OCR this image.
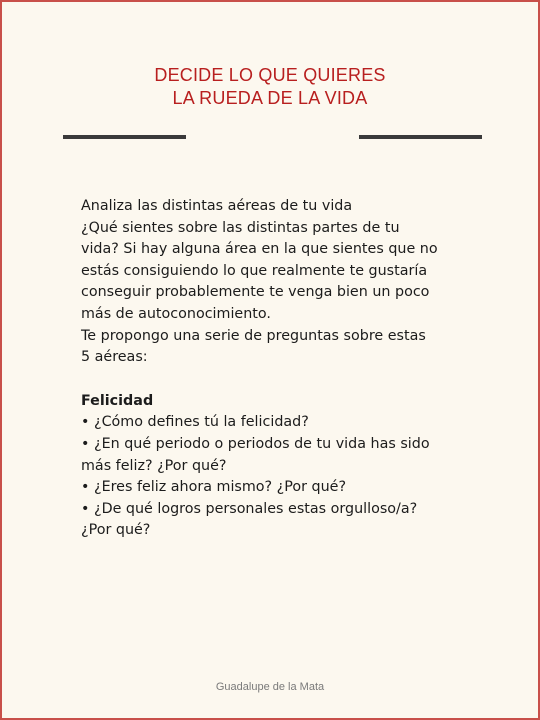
DECIDE LO QUE QUIERES
LA RUEDA DE LA VIDA

Analiza las distintas aéreas de tu vida

¿Qué sientes sobre las distintas partes de tu

vida? Si hay alguna área en la que sientes que no

estás consiguiendo lo que realmente te gustaría

conseguir probablemente te venga bien un poco

más de autoconocimiento.

Te propongo una serie de preguntas sobre estas

5 aéreas:

Felicidad

• ¿Cómo defines tú la felicidad?

• ¿En qué periodo o periodos de tu vida has sido

más feliz? ¿Por qué?

• ¿Eres feliz ahora mismo? ¿Por qué?

• ¿De qué logros personales estas orgulloso/a?

¿Por qué?

Guadalupe de la Mata
